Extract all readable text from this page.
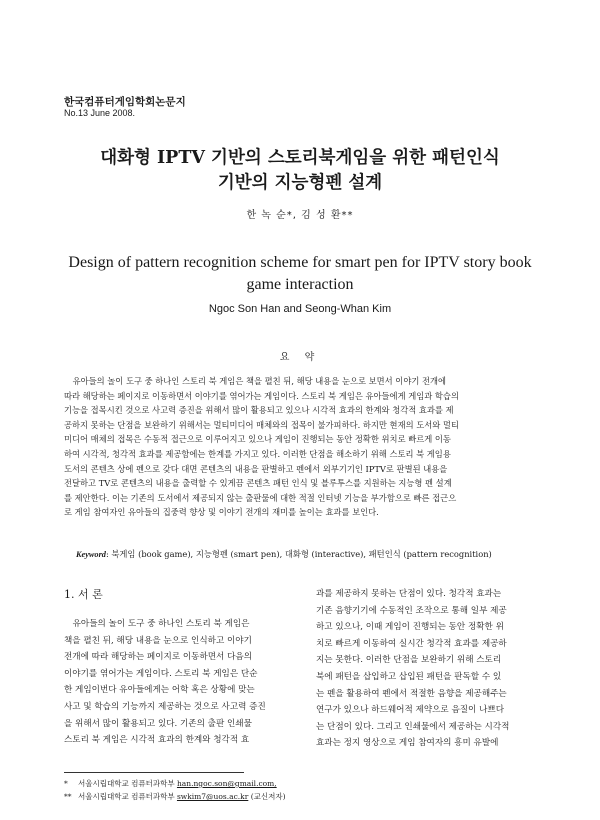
한국컴퓨터게임학회논문지
No.13 June 2008.
대화형 IPTV 기반의 스토리북게임을 위한 패턴인식
기반의 지능형펜 설계
한 녹 순*, 김 성 환**
Design of pattern recognition scheme for smart pen for IPTV story book
game interaction
Ngoc Son Han and Seong-Whan Kim
요 약

유아들의 놀이 도구 중 하나인 스토리 북 게임은 책을 펼친 뒤, 해당 내용을 눈으로 보면서 이야기 전개에

따라 해당하는 페이지로 이동하면서 이야기를 엮어가는 게임이다. 스토리 북 게임은 유아들에게 게임과 학습의

기능을 접목시킨 것으로 사고력 증진을 위해서 많이 활용되고 있으나 시각적 효과의 한계와 청각적 효과를 제

공하지 못하는 단점을 보완하기 위해서는 멀티미디어 매체와의 접목이 불가피하다. 하지만 현재의 도서와 멀티

미디어 매체의 접목은 수동적 접근으로 이루어지고 있으나 게임이 진행되는 동안 정확한 위치로 빠르게 이동

하여 시각적, 청각적 효과를 제공함에는 한계를 가지고 있다. 이러한 단점을 해소하기 위해 스토리 북 게임용

도서의 콘텐츠 상에 펜으로 갖다 대면 콘텐츠의 내용을 판별하고 펜에서 외부기기인 IPTV로 판별된 내용을

전달하고 TV로 콘텐츠의 내용을 출력할 수 있게끔 콘텐츠 패턴 인식 및 블루투스를 지원하는 지능형 펜 설계

를 제안한다. 이는 기존의 도서에서 제공되지 않는 출판물에 대한 적절 인터넷 기능을 부가함으로 빠른 접근으

로 게임 참여자인 유아들의 집중력 향상 및 이야기 전개의 재미를 높이는 효과를 보인다.

Keyword: 북게임 (book game), 지능형펜 (smart pen), 대화형 (interactive), 패턴인식 (pattern recognition)
1. 서 론

유아들의 놀이 도구 중 하나인 스토리 북 게임은

책을 펼친 뒤, 해당 내용을 눈으로 인식하고 이야기

전개에 따라 해당하는 페이지로 이동하면서 다음의

이야기를 엮어가는 게임이다. 스토리 북 게임은 단순

한 게임이번다 유아들에게는 어학 혹은 상황에 맞는

사고 및 학습의 기능까지 제공하는 것으로 사고력 증진

을 위해서 많이 활용되고 있다. 기존의 출판 인쇄물

스토리 북 게임은 시각적 효과의 한계와 청각적 효

과를 제공하지 못하는 단점이 있다. 청각적 효과는

기존 음향기기에 수동적인 조작으로 통해 일부 제공

하고 있으나, 이때 게임이 진행되는 동안 정확한 위

치로 빠르게 이동하여 실시간 청각적 효과를 제공하

지는 못한다. 이러한 단점을 보완하기 위해 스토리

북에 패턴을 삽입하고 삽입된 패턴을 판독할 수 있

는 펜을 활용하여 펜에서 적절한 음향을 제공해주는

연구가 있으나 하드웨어적 제약으로 음질이 나쁘다

는 단점이 있다. 그리고 인쇄물에서 제공하는 시각적

효과는 정지 영상으로 게임 참여자의 흥미 유발에

* 서울시립대학교 컴퓨터과학부 han.ngoc.son@gmail.com,
** 서울시립대학교 컴퓨터과학부 swkim7@uos.ac.kr (교신저자)
